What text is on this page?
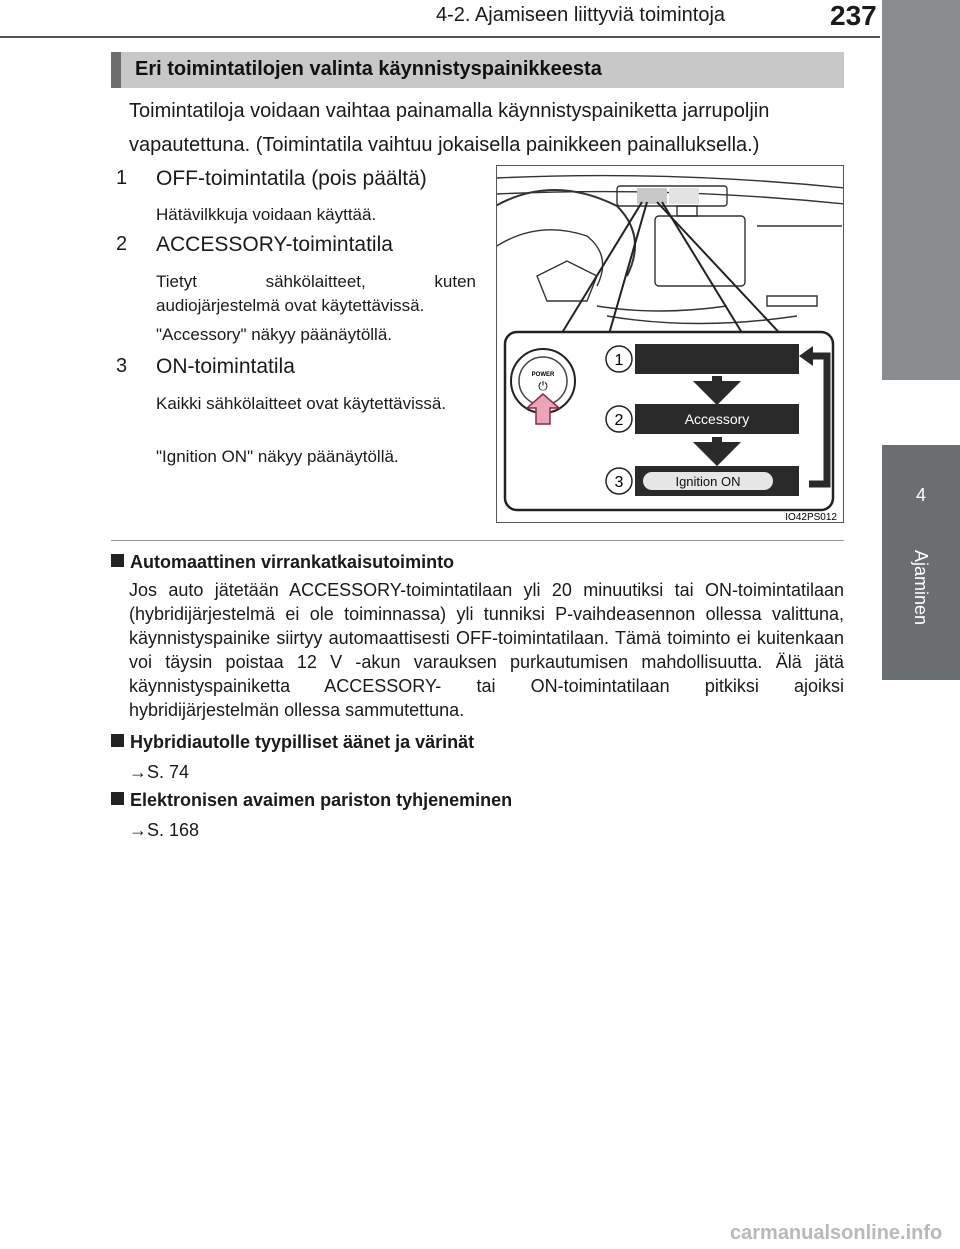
4-2. Ajamiseen liittyviä toimintoja	237
4
Ajaminen
Eri toimintatilojen valinta käynnistyspainikkeesta
Toimintatiloja voidaan vaihtaa painamalla käynnistyspainiketta jarrupoljin vapautettuna. (Toimintatila vaihtuu jokaisella painikkeen painalluksella.)
1 OFF-toimintatila (pois päältä)
Hätävilkkuja voidaan käyttää.
2 ACCESSORY-toimintatila
Tietyt sähkölaitteet, kuten audiojärjestelmä ovat käytettävissä.
"Accessory" näkyy päänäytöllä.
3 ON-toimintatila
Kaikki sähkölaitteet ovat käytettävissä.
"Ignition ON" näkyy päänäytöllä.
POWER
⏻
1
2
3
Accessory
Ignition ON
IO42PS012
Automaattinen virrankatkaisutoiminto
Jos auto jätetään ACCESSORY-toimintatilaan yli 20 minuutiksi tai ON-toimintatilaan (hybridijärjestelmä ei ole toiminnassa) yli tunniksi P-vaihdeasennon ollessa valittuna, käynnistyspainike siirtyy automaattisesti OFF-toimintatilaan. Tämä toiminto ei kuitenkaan voi täysin poistaa 12 V -akun varauksen purkautumisen mahdollisuutta. Älä jätä käynnistyspainiketta ACCESSORY- tai ON-toimintatilaan pitkiksi ajoiksi hybridijärjestelmän ollessa sammutettuna.
Hybridiautolle tyypilliset äänet ja värinät
→S. 74
Elektronisen avaimen pariston tyhjeneminen
→S. 168
carmanualsonline.info
